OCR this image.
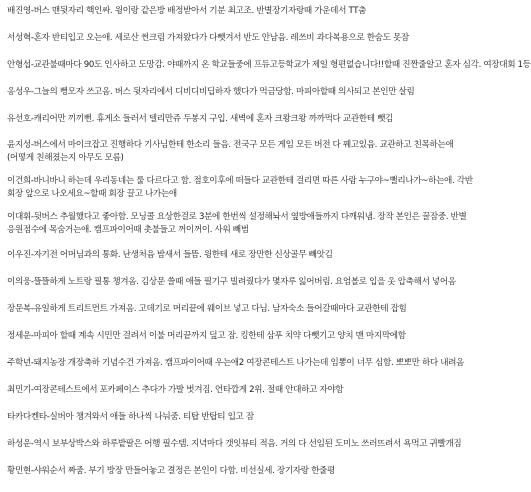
배진영-버스 맨뒷자리 핵인싸. 윙이랑 같은방 배정받아서 기분 최고조. 반별장기자랑때 가운데서 TT춤
서성혁-혼자 반티입고 오는애. 세로산 썬크림 가져왔다가 다뺏겨서 반도 안남음. 레쓰비 과다복용으로 한숨도 못잠
안형섭-교관불때마다 90도 인사하고 도망감. 야때까지 온 학교들중에 프듀고등학교가 제일 형편없습니다!!할때 진짠줄알고 혼자 심각. 여장대회 1등
옹성우-그늘의 뻥모자 쓰고옴. 버스 뒷자리에서 디비디비딥하자 했다가 먹금당함. 마피아할때 의사되고 본인만 살림
유선호-캐리어만 끼끼뻔. 휴게소 들러서 델리만쥬 두봉지 구입. 새벽에 혼자 크왕크왕 까까먹다 교관한테 뺏김
윤지성-버스에서 마이크잡고 진행하다 기사님한테 한소리 들음. 전국구 모든 게임 모든 버전 다 꿰고있음. 교관하고 친목하는애(어떻게 친해졌는지 아무도 모름)
이건희-바니바니 하는데 우리동네는 룰 다르다고 함. 점호이후에 떠들다 교관한테 걸리면 따른 사람 누구야~뻘리나가~하는애. 각반 회장 앞으로 나오세요~할때 회장 끌고 나가는애
이대휘-뒷버스 추월했다고 좋아함. 모닝콜 요상한걸로 3분에 한번씩 설정해놔서 옆방애들까지 다깨워냄. 장작 본인은 꿀잠중. 반별 응원점수에 목숨거는애. 캠프파이어때 촛불들고 꺼이꺼이. 사워 빼범
이우진-자기전 어머님과의 통화. 난생처음 밤새서 들뜸. 윙한테 새로 장만한 신상골무 빼앗김
이의웅-뜰뜰하게 노트랑 필통 챙겨옴. 김상문 쓸때 애들 필기구 빌려줬다가 몇자루 잃어버림. 요엄볼로 입을 옷 압축해서 넣어옴
장문복-유일하게 트리트먼트 가져옴. 고데기로 머리끝에 웨이브 넣고 다님. 남자숙소 들어갈때마다 교관한테 잡힘
정세운-마피아 할때 계속 시민만 걸려서 이불 머리끝까지 덮고 잠. 킹한테 삼푸 치약 다뺏기고 양치 맨 마지막에함
주학년-돼지농장 개장축하 기념수건 가져옴. 캠프파이어때 우는애2 여장콘테스트 나가는데 임뽕이 너무 심함. 뽀뽀만 하다 내려옴
최민기-여장콘테스트에서 포카페이스 추다가 가발 벗겨짐. 언타깝게 2위. 절때 안대하고 자야함
타카다켄타-실버아 챙겨와서 애들 하나씩 나눠줌. 티탑 반탑티 입고 잠
하성운-역시 보부상박스와 하루밭팔은 어행 필수템. 지녁마다 갯잇뷰티 적음. 거의 다 선임된 도미노 쓰러뜨려서 욕먹고 귀빨개짐
황민현-샤워순서 짜줌. 부기 방장 만들어놓고 결정은 본인이 다함. 비선실세. 장기자랑 한줄평
